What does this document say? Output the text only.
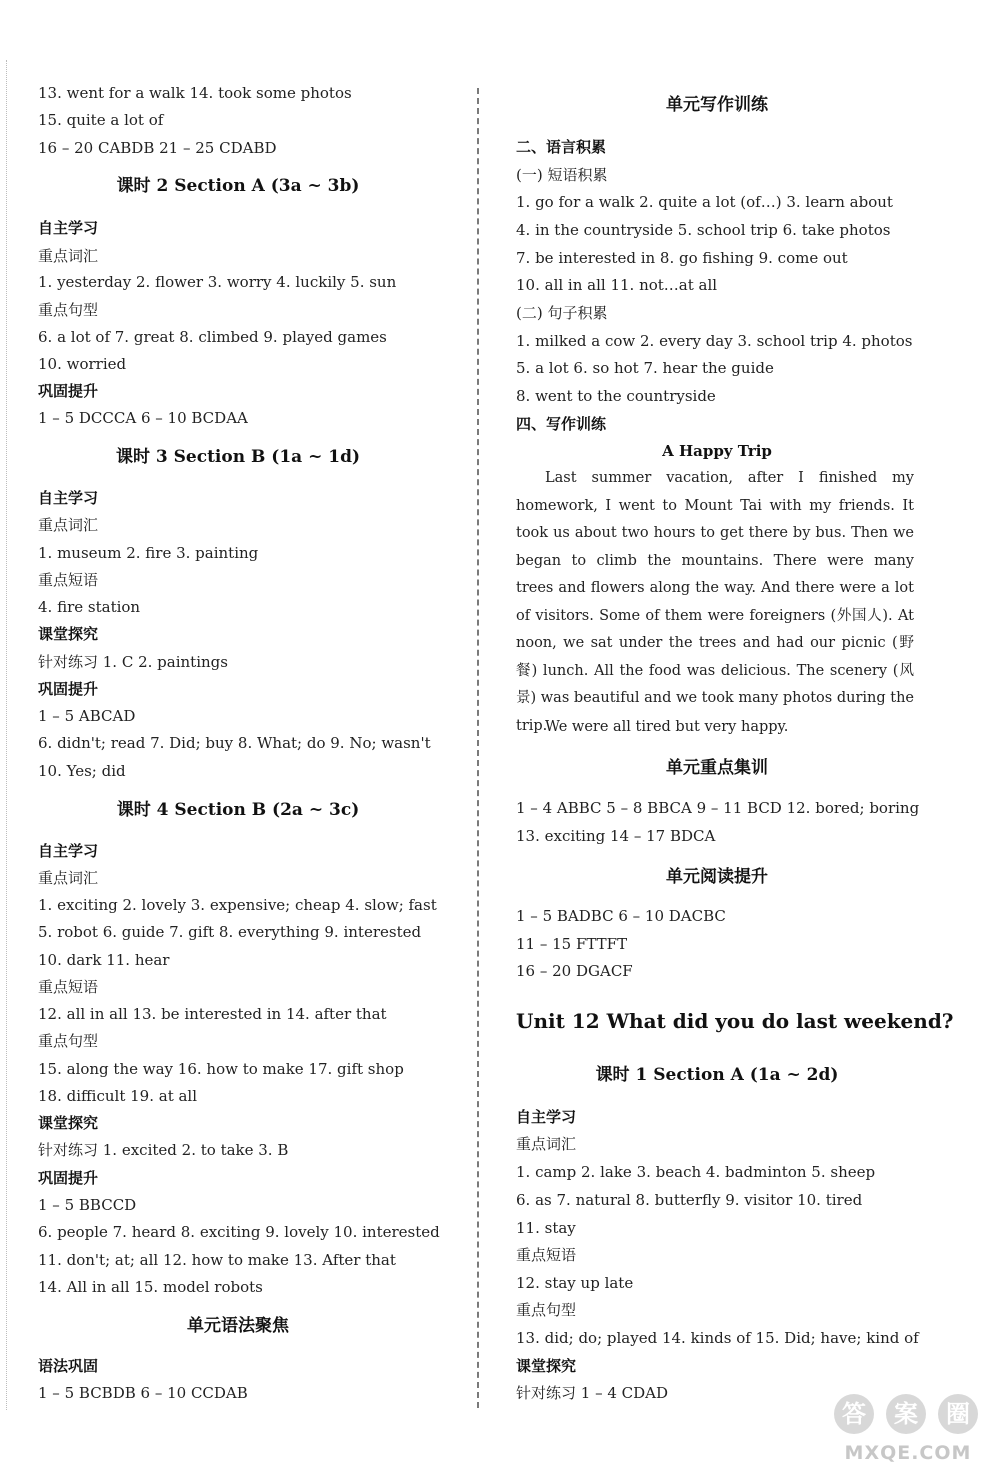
13. went for a walk 14. took some photos
15. quite a lot of
16 – 20 CABDB 21 – 25 CDABD
课时 2 Section A (3a ~ 3b)
自主学习
重点词汇
1. yesterday 2. flower 3. worry 4. luckily 5. sun
重点句型
6. a lot of 7. great 8. climbed 9. played games
10. worried
巩固提升
1 – 5 DCCCA 6 – 10 BCDAA
课时 3 Section B (1a ~ 1d)
自主学习
重点词汇
1. museum 2. fire 3. painting
重点短语
4. fire station
课堂探究
针对练习 1. C 2. paintings
巩固提升
1 – 5 ABCAD
6. didn't; read 7. Did; buy 8. What; do 9. No; wasn't
10. Yes; did
课时 4 Section B (2a ~ 3c)
自主学习
重点词汇
1. exciting 2. lovely 3. expensive; cheap 4. slow; fast
5. robot 6. guide 7. gift 8. everything 9. interested
10. dark 11. hear
重点短语
12. all in all 13. be interested in 14. after that
重点句型
15. along the way 16. how to make 17. gift shop
18. difficult 19. at all
课堂探究
针对练习 1. excited 2. to take 3. B
巩固提升
1 – 5 BBCCD
6. people 7. heard 8. exciting 9. lovely 10. interested
11. don't; at; all 12. how to make 13. After that
14. All in all 15. model robots
单元语法聚焦
语法巩固
1 – 5 BCBDB 6 – 10 CCDAB
单元写作训练
二、语言积累
(一) 短语积累
1. go for a walk 2. quite a lot (of…) 3. learn about
4. in the countryside 5. school trip 6. take photos
7. be interested in 8. go fishing 9. come out
10. all in all 11. not…at all
(二) 句子积累
1. milked a cow 2. every day 3. school trip 4. photos
5. a lot 6. so hot 7. hear the guide
8. went to the countryside
四、写作训练
A Happy Trip

Last summer vacation, after I finished my homework, I went to Mount Tai with my friends. It took us about two hours to get there by bus. Then we began to climb the mountains. There were many trees and flowers along the way. And there were a lot of visitors. Some of them were foreigners (外国人). At noon, we sat under the trees and had our picnic (野餐) lunch. All the food was delicious. The scenery (风景) was beautiful and we took many photos during the trip.

We were all tired but very happy.

单元重点集训
1 – 4 ABBC 5 – 8 BBCA 9 – 11 BCD 12. bored; boring
13. exciting 14 – 17 BDCA
单元阅读提升
1 – 5 BADBC 6 – 10 DACBC
11 – 15 FTTFT
16 – 20 DGACF
Unit 12 What did you do last weekend?
课时 1 Section A (1a ~ 2d)
自主学习
重点词汇
1. camp 2. lake 3. beach 4. badminton 5. sheep
6. as 7. natural 8. butterfly 9. visitor 10. tired
11. stay
重点短语
12. stay up late
重点句型
13. did; do; played 14. kinds of 15. Did; have; kind of
课堂探究
针对练习 1 – 4 CDAD
答	案	圈
MXQE.COM
